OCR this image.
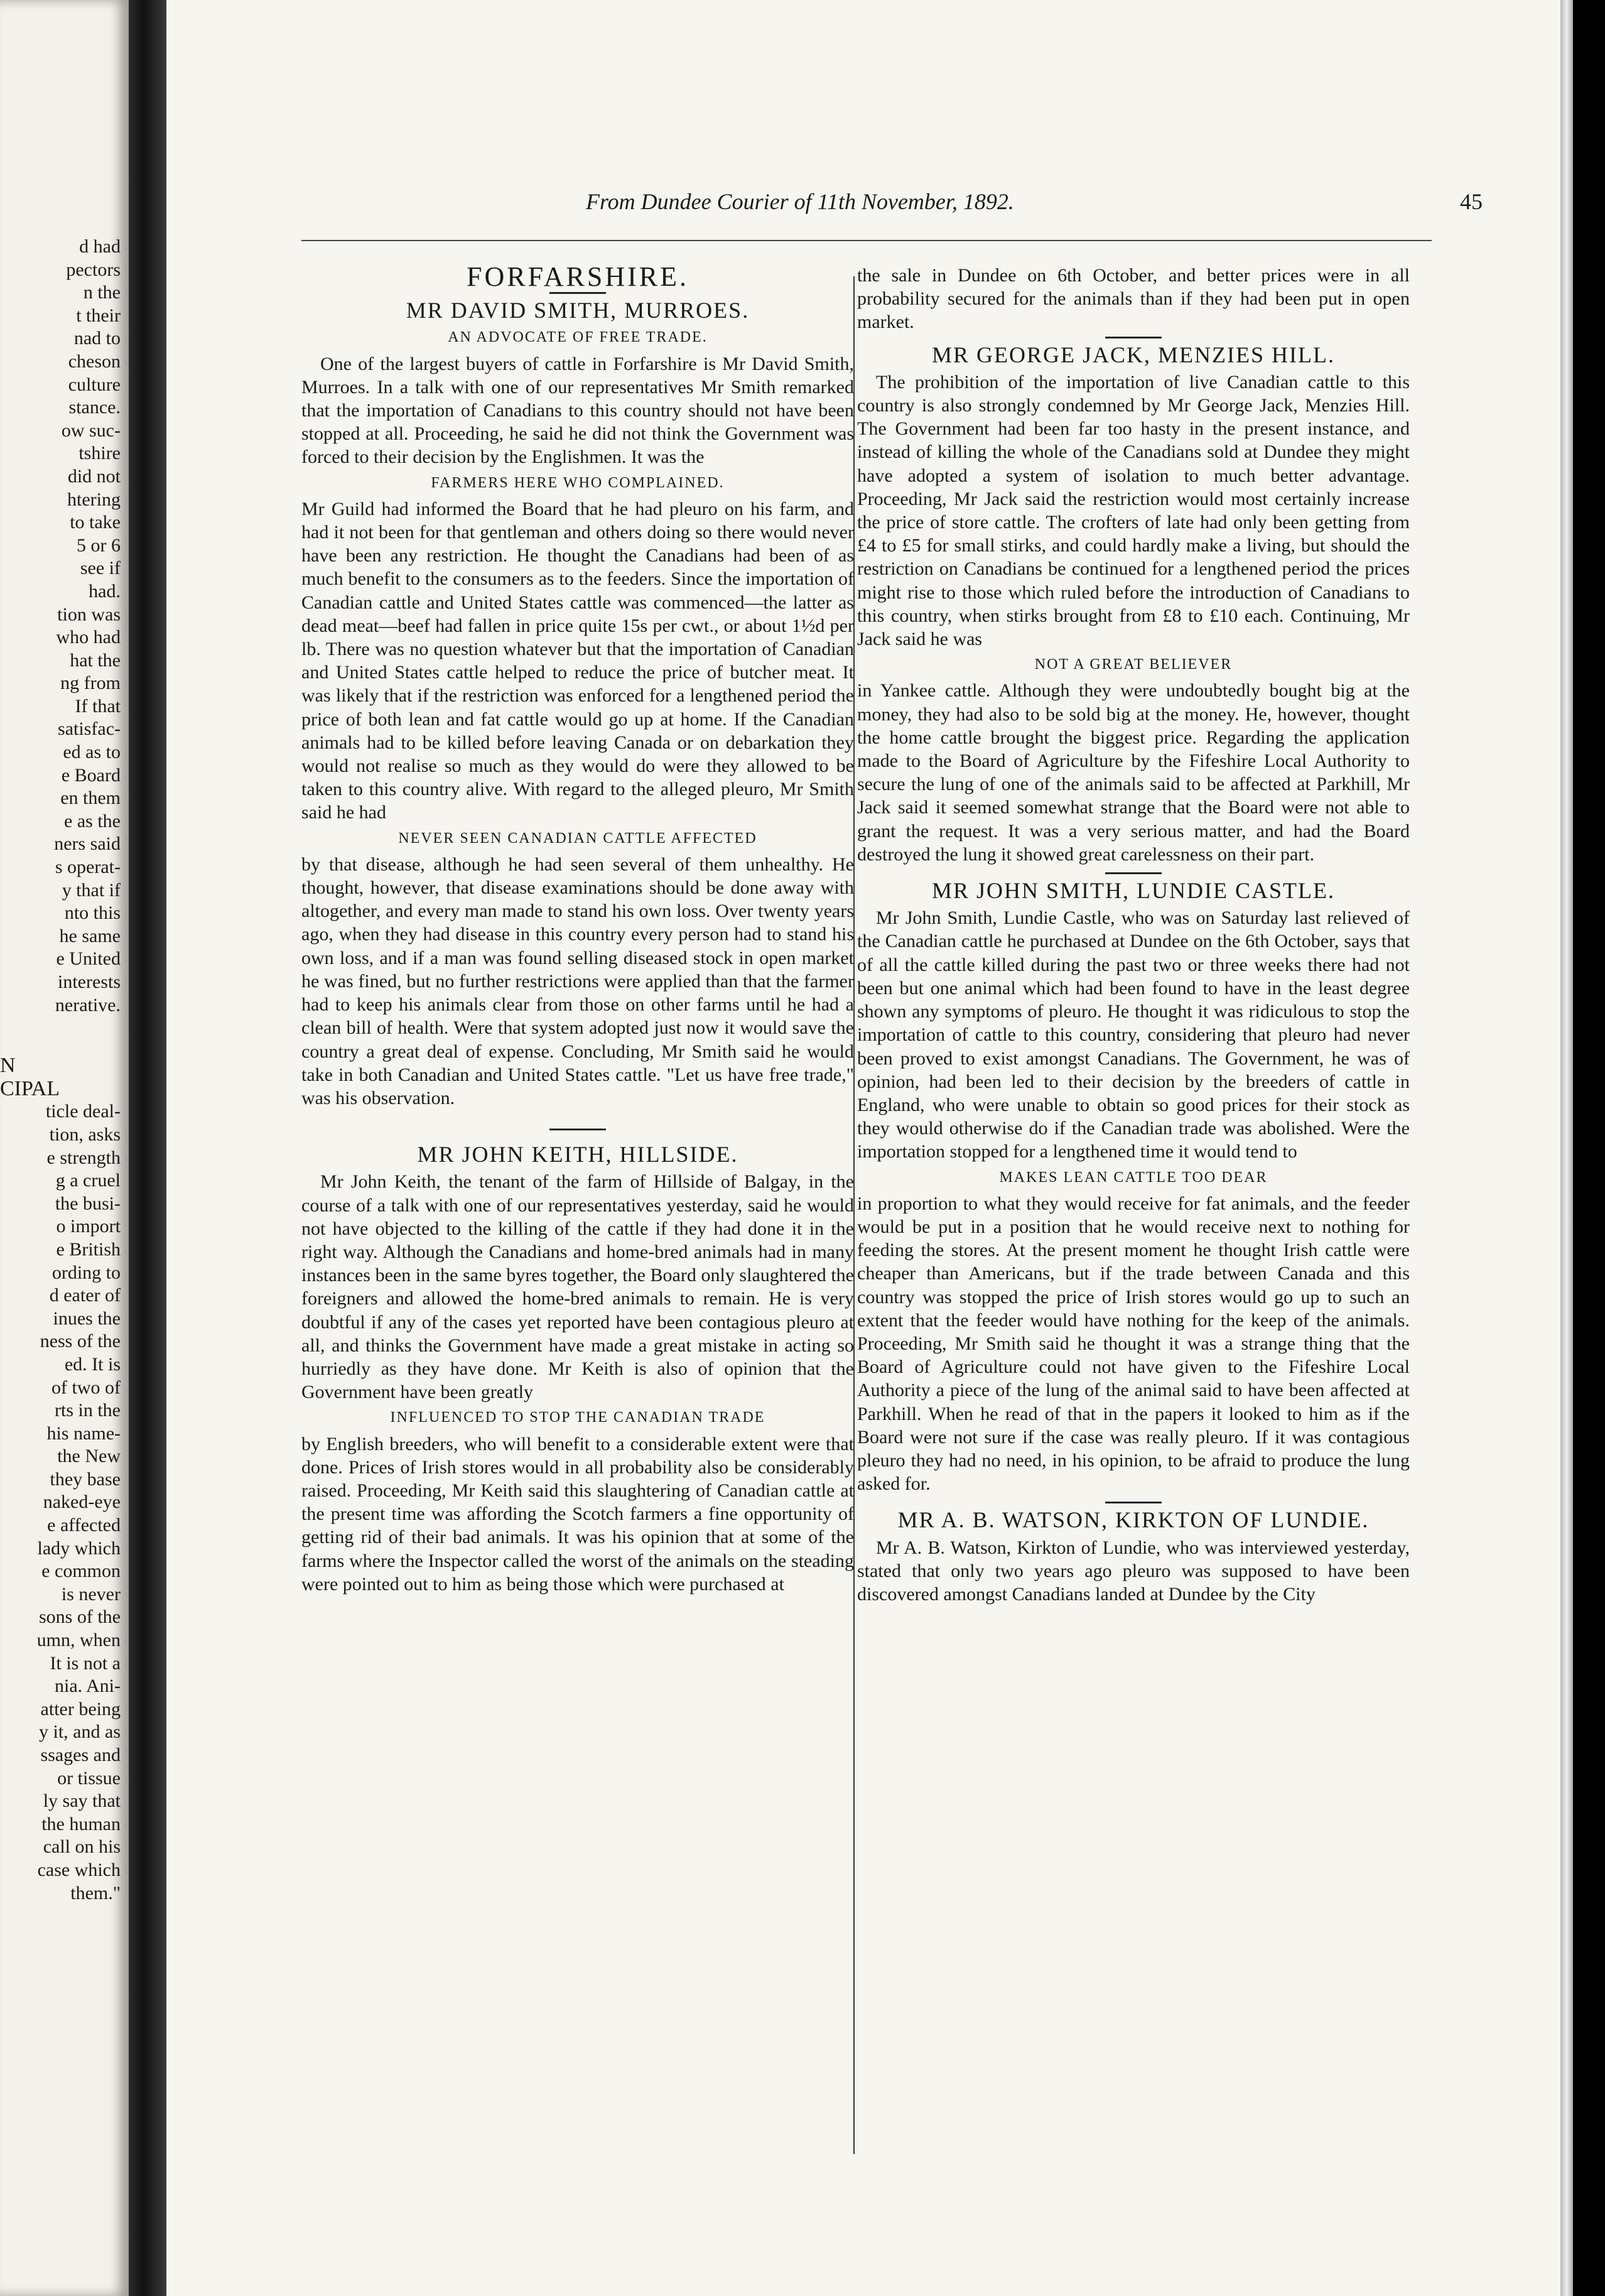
d had
pectors
n the
t their
nad to
cheson
culture
stance.
ow suc-
tshire
did not
htering
to take
5 or 6
see if
had.
tion was
who had
hat the
ng from
If that
satisfac-
ed as to
e Board
en them
e as the
ners said
s operat-
y that if
nto this
he same
e United
interests
nerative.
N
CIPAL
ticle deal-
tion, asks
e strength
g a cruel
the busi-
o import
e British
ording to
d eater of
inues the
ness of the
ed. It is
of two of
rts in the
his name-
the New
they base
naked-eye
e affected
lady which
e common
is never
sons of the
umn, when
It is not a
nia. Ani-
atter being
y it, and as
ssages and
or tissue
ly say that
the human
call on his
case which
them."
From Dundee Courier of 11th November, 1892.	45
FORFARSHIRE.
MR DAVID SMITH, MURROES.
AN ADVOCATE OF FREE TRADE.

One of the largest buyers of cattle in Forfarshire is Mr David Smith, Murroes. In a talk with one of our representatives Mr Smith remarked that the importation of Canadians to this country should not have been stopped at all. Proceeding, he said he did not think the Government was forced to their decision by the Englishmen. It was the

FARMERS HERE WHO COMPLAINED.

Mr Guild had informed the Board that he had pleuro on his farm, and had it not been for that gentleman and others doing so there would never have been any restriction. He thought the Canadians had been of as much benefit to the consumers as to the feeders. Since the importation of Canadian cattle and United States cattle was commenced—the latter as dead meat—beef had fallen in price quite 15s per cwt., or about 1½d per lb. There was no question whatever but that the importation of Canadian and United States cattle helped to reduce the price of butcher meat. It was likely that if the restriction was enforced for a lengthened period the price of both lean and fat cattle would go up at home. If the Canadian animals had to be killed before leaving Canada or on debarkation they would not realise so much as they would do were they allowed to be taken to this country alive. With regard to the alleged pleuro, Mr Smith said he had

NEVER SEEN CANADIAN CATTLE AFFECTED

by that disease, although he had seen several of them unhealthy. He thought, however, that disease examinations should be done away with altogether, and every man made to stand his own loss. Over twenty years ago, when they had disease in this country every person had to stand his own loss, and if a man was found selling diseased stock in open market he was fined, but no further restrictions were applied than that the farmer had to keep his animals clear from those on other farms until he had a clean bill of health. Were that system adopted just now it would save the country a great deal of expense. Concluding, Mr Smith said he would take in both Canadian and United States cattle. "Let us have free trade," was his observation.

MR JOHN KEITH, HILLSIDE.

Mr John Keith, the tenant of the farm of Hillside of Balgay, in the course of a talk with one of our representatives yesterday, said he would not have objected to the killing of the cattle if they had done it in the right way. Although the Canadians and home-bred animals had in many instances been in the same byres together, the Board only slaughtered the foreigners and allowed the home-bred animals to remain. He is very doubtful if any of the cases yet reported have been contagious pleuro at all, and thinks the Government have made a great mistake in acting so hurriedly as they have done. Mr Keith is also of opinion that the Government have been greatly

INFLUENCED TO STOP THE CANADIAN TRADE

by English breeders, who will benefit to a considerable extent were that done. Prices of Irish stores would in all probability also be considerably raised. Proceeding, Mr Keith said this slaughtering of Canadian cattle at the present time was affording the Scotch farmers a fine opportunity of getting rid of their bad animals. It was his opinion that at some of the farms where the Inspector called the worst of the animals on the steading were pointed out to him as being those which were purchased at

the sale in Dundee on 6th October, and better prices were in all probability secured for the animals than if they had been put in open market.

MR GEORGE JACK, MENZIES HILL.

The prohibition of the importation of live Canadian cattle to this country is also strongly condemned by Mr George Jack, Menzies Hill. The Government had been far too hasty in the present instance, and instead of killing the whole of the Canadians sold at Dundee they might have adopted a system of isolation to much better advantage. Proceeding, Mr Jack said the restriction would most certainly increase the price of store cattle. The crofters of late had only been getting from £4 to £5 for small stirks, and could hardly make a living, but should the restriction on Canadians be continued for a lengthened period the prices might rise to those which ruled before the introduction of Canadians to this country, when stirks brought from £8 to £10 each. Continuing, Mr Jack said he was

NOT A GREAT BELIEVER

in Yankee cattle. Although they were undoubtedly bought big at the money, they had also to be sold big at the money. He, however, thought the home cattle brought the biggest price. Regarding the application made to the Board of Agriculture by the Fifeshire Local Authority to secure the lung of one of the animals said to be affected at Parkhill, Mr Jack said it seemed somewhat strange that the Board were not able to grant the request. It was a very serious matter, and had the Board destroyed the lung it showed great carelessness on their part.

MR JOHN SMITH, LUNDIE CASTLE.

Mr John Smith, Lundie Castle, who was on Saturday last relieved of the Canadian cattle he purchased at Dundee on the 6th October, says that of all the cattle killed during the past two or three weeks there had not been but one animal which had been found to have in the least degree shown any symptoms of pleuro. He thought it was ridiculous to stop the importation of cattle to this country, considering that pleuro had never been proved to exist amongst Canadians. The Government, he was of opinion, had been led to their decision by the breeders of cattle in England, who were unable to obtain so good prices for their stock as they would otherwise do if the Canadian trade was abolished. Were the importation stopped for a lengthened time it would tend to

MAKES LEAN CATTLE TOO DEAR

in proportion to what they would receive for fat animals, and the feeder would be put in a position that he would receive next to nothing for feeding the stores. At the present moment he thought Irish cattle were cheaper than Americans, but if the trade between Canada and this country was stopped the price of Irish stores would go up to such an extent that the feeder would have nothing for the keep of the animals. Proceeding, Mr Smith said he thought it was a strange thing that the Board of Agriculture could not have given to the Fifeshire Local Authority a piece of the lung of the animal said to have been affected at Parkhill. When he read of that in the papers it looked to him as if the Board were not sure if the case was really pleuro. If it was contagious pleuro they had no need, in his opinion, to be afraid to produce the lung asked for.

MR A. B. WATSON, KIRKTON OF LUNDIE.

Mr A. B. Watson, Kirkton of Lundie, who was interviewed yesterday, stated that only two years ago pleuro was supposed to have been discovered amongst Canadians landed at Dundee by the City
